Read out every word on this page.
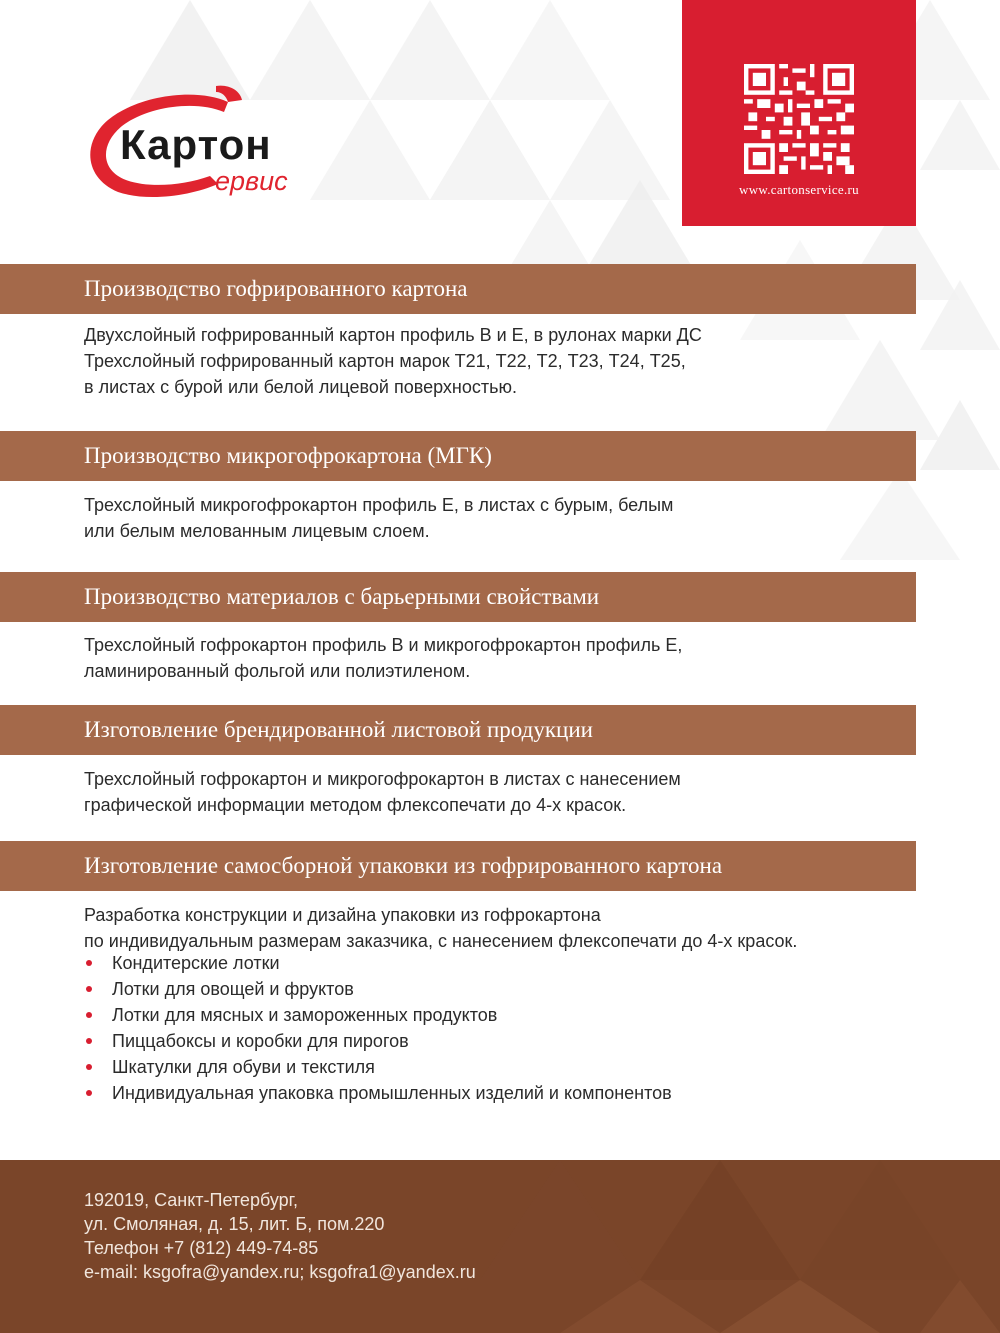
Картон
ервис	www.cartonservice.ru
Производство гофрированного картона
Двухслойный гофрированный картон профиль В и Е, в рулонах марки ДС
Трехслойный гофрированный картон марок Т21, Т22, Т2, Т23, Т24, Т25,
в листах с бурой или белой лицевой поверхностью.
Производство микрогофрокартона (МГК)
Трехслойный микрогофрокартон профиль Е, в листах с бурым, белым
или белым мелованным лицевым слоем.
Производство материалов с барьерными свойствами
Трехслойный гофрокартон профиль В и микрогофрокартон профиль Е,
ламинированный фольгой или полиэтиленом.
Изготовление брендированной листовой продукции
Трехслойный гофрокартон и микрогофрокартон в листах с нанесением
графической информации методом флексопечати до 4-х красок.
Изготовление самосборной упаковки из гофрированного картона
Разработка конструкции и дизайна упаковки из гофрокартона
по индивидуальным размерам заказчика, с нанесением флексопечати до 4-х красок.
Кондитерские лотки
Лотки для овощей и фруктов
Лотки для мясных и замороженных продуктов
Пиццабоксы и коробки для пирогов
Шкатулки для обуви и текстиля
Индивидуальная упаковка промышленных изделий и компонентов
192019, Санкт-Петербург,
ул. Смоляная, д. 15, лит. Б, пом.220
Телефон +7 (812) 449-74-85
e-mail: ksgofra@yandex.ru; ksgofra1@yandex.ru
